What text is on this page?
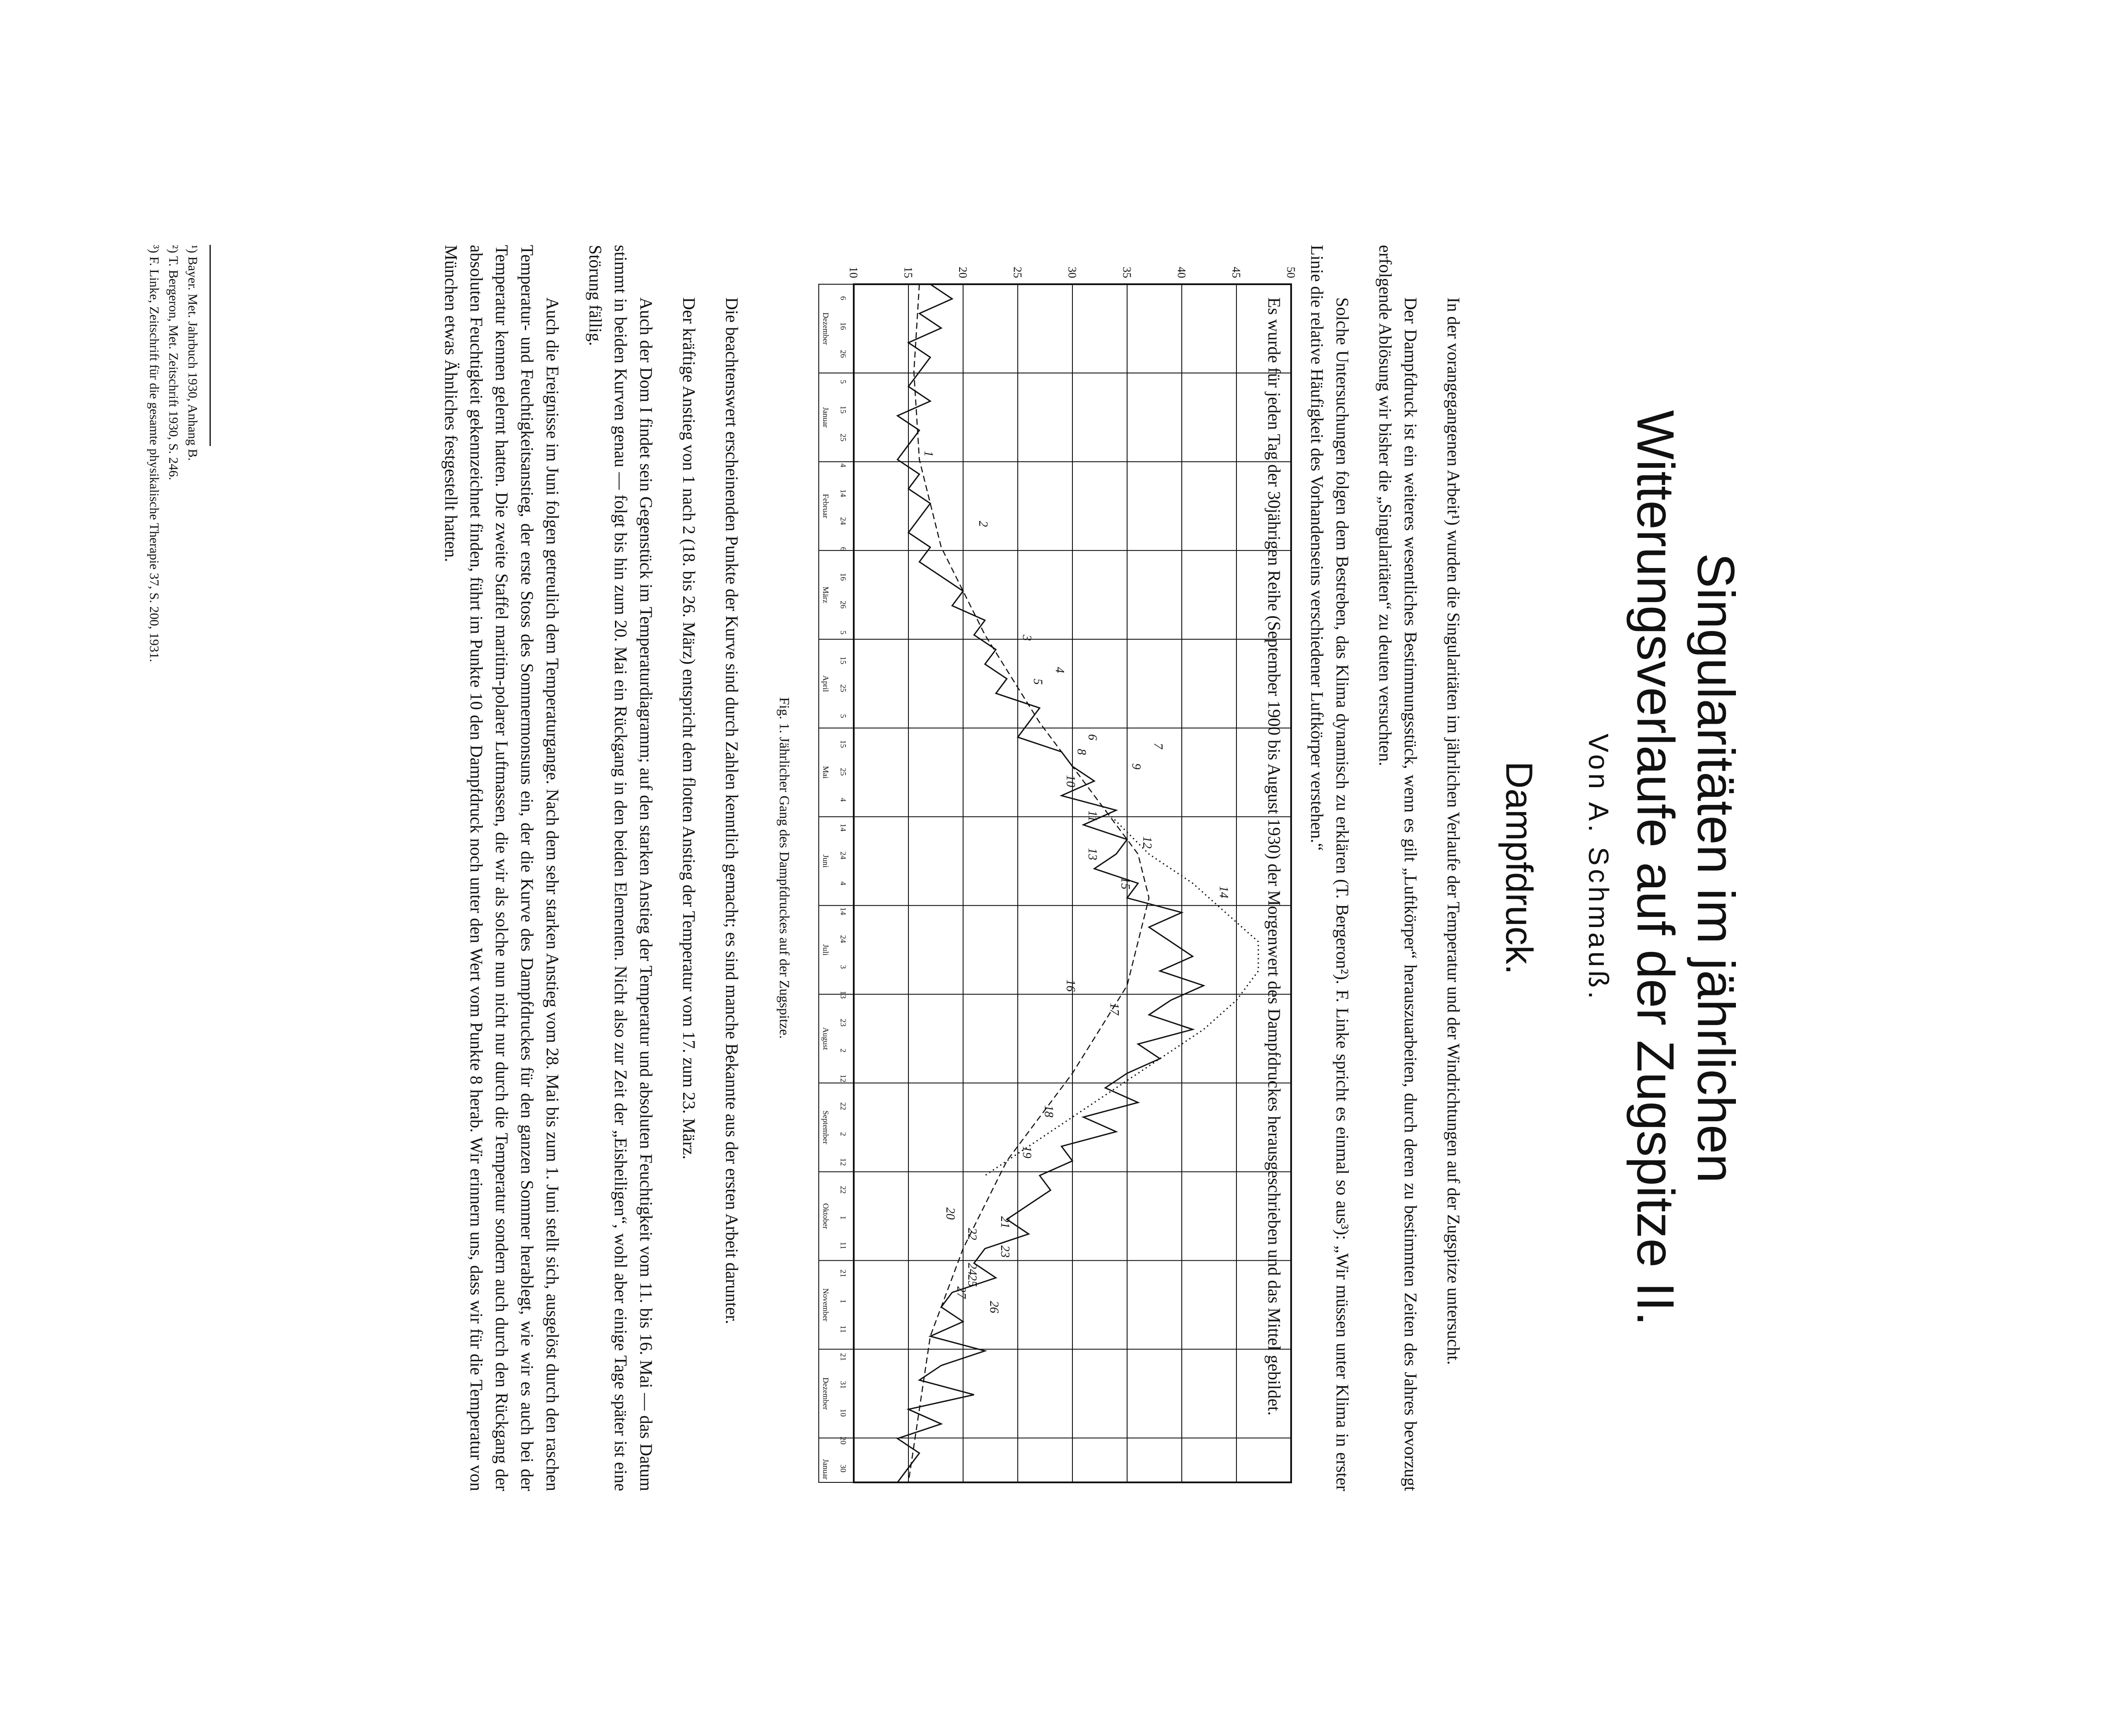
Singularitäten im jährlichen
Witterungsverlaufe auf der Zugspitze II.
Von A. Schmauß.
Dampfdruck.

In der vorangegangenen Arbeit¹) wurden die Singularitäten im jährlichen Verlaufe der Temperatur und der Windrichtungen auf der Zugspitze untersucht.

Der Dampfdruck ist ein weiteres wesentliches Bestimmungsstück, wenn es gilt „Luftkörper“ herauszuarbeiten, durch deren zu bestimmten Zeiten des Jahres bevorzugt erfolgende Ablösung wir bisher die „Singularitäten“ zu deuten versuchten.

Solche Untersuchungen folgen dem Bestreben, das Klima dynamisch zu erklären (T. Bergeron²). F. Linke spricht es einmal so aus³): „Wir müssen unter Klima in erster Linie die relative Häufigkeit des Vorhandenseins verschiedener Luftkörper verstehen.“

Es wurde für jeden Tag der 30jährigen Reihe (September 1900 bis August 1930) der Morgenwert des Dampfdruckes herausgeschrieben und das Mittel gebildet.

10	15	20	25	30	35	40	45	50
Dezember
Januar
Februar
März
April
Mai
Juni
Juli
August
September
Oktober
November
Dezember
Januar
6
16
26
5
15
25
4
14
24
6
16
26
5
15
25
5
15
25
4
14
24
4
14
24
3
13
23
2
12
22
2
12
22
1
11
21
1
11
21
31
10
20
30
1
2
3
4
5
6
7
8
9
10
11
12
13
14
15
16
17
18
19
20
21
22
23
24
25
26
27
Fig. 1. Jährlicher Gang des Dampfdruckes auf der Zugspitze.

Die beachtenswert erscheinenden Punkte der Kurve sind durch Zahlen kenntlich gemacht; es sind manche Bekannte aus der ersten Arbeit darunter.

Der kräftige Anstieg von 1 nach 2 (18. bis 26. März) entspricht dem flotten Anstieg der Temperatur vom 17. zum 23. März.

Auch der Dom I findet sein Gegenstück im Temperaturdiagramm; auf den starken Anstieg der Temperatur und absoluten Feuchtigkeit vom 11. bis 16. Mai — das Datum stimmt in beiden Kurven genau — folgt bis hin zum 20. Mai ein Rückgang in den beiden Elementen. Nicht also zur Zeit der „Eisheiligen“, wohl aber einige Tage später ist eine Störung fällig.

Auch die Ereignisse im Juni folgen getreulich dem Temperaturgange. Nach dem sehr starken Anstieg vom 28. Mai bis zum 1. Juni stellt sich, ausgelöst durch den raschen Temperatur- und Feuchtigkeitsanstieg, der erste Stoss des Sommermonsuns ein, der die Kurve des Dampfdruckes für den ganzen Sommer herablegt, wie wir es auch bei der Temperatur kennen gelernt hatten. Die zweite Staffel maritim-polarer Luftmassen, die wir als solche nun nicht nur durch die Temperatur sondern auch durch den Rückgang der absoluten Feuchtigkeit gekennzeichnet finden, führt im Punkte 10 den Dampfdruck noch unter den Wert vom Punkte 8 herab. Wir erinnern uns, dass wir für die Temperatur von München etwas Ähnliches festgestellt hatten.

¹) Bayer. Met. Jahrbuch 1930, Anhang B.
²) T. Bergeron, Met. Zeitschrift 1930, S. 246.
³) F. Linke, Zeitschrift für die gesamte physikalische Therapie 37, S. 200, 1931.
